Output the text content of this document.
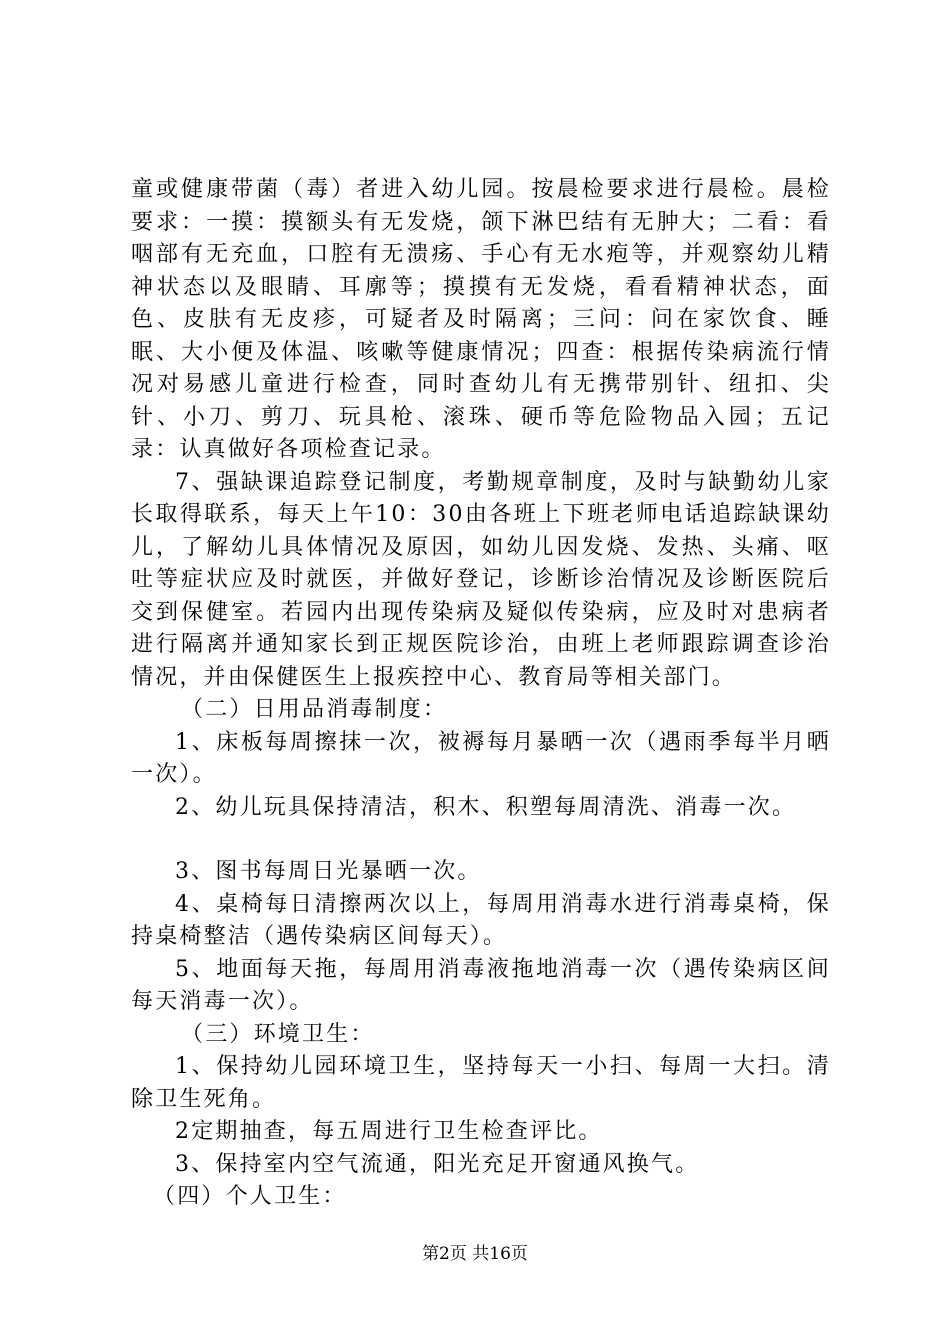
童或健康带菌（毒）者进入幼儿园。按晨检要求进行晨检。晨检要求：一摸：摸额头有无发烧，颌下淋巴结有无肿大；二看：看咽部有无充血，口腔有无溃疡、手心有无水疱等，并观察幼儿精神状态以及眼睛、耳廓等；摸摸有无发烧，看看精神状态，面色、皮肤有无皮疹，可疑者及时隔离；三问：问在家饮食、睡眠、大小便及体温、咳嗽等健康情况；四查：根据传染病流行情况对易感儿童进行检查，同时查幼儿有无携带别针、纽扣、尖针、小刀、剪刀、玩具枪、滚珠、硬币等危险物品入园；五记录：认真做好各项检查记录。

7、强缺课追踪登记制度，考勤规章制度，及时与缺勤幼儿家长取得联系，每天上午10：30由各班上下班老师电话追踪缺课幼儿，了解幼儿具体情况及原因，如幼儿因发烧、发热、头痛、呕吐等症状应及时就医，并做好登记，诊断诊治情况及诊断医院后交到保健室。若园内出现传染病及疑似传染病，应及时对患病者进行隔离并通知家长到正规医院诊治，由班上老师跟踪调查诊治情况，并由保健医生上报疾控中心、教育局等相关部门。

（二）日用品消毒制度：

1、床板每周擦抹一次，被褥每月暴晒一次（遇雨季每半月晒一次）。

2、幼儿玩具保持清洁，积木、积塑每周清洗、消毒一次。

3、图书每周日光暴晒一次。

4、桌椅每日清擦两次以上，每周用消毒水进行消毒桌椅，保持桌椅整洁（遇传染病区间每天）。

5、地面每天拖，每周用消毒液拖地消毒一次（遇传染病区间每天消毒一次）。

（三）环境卫生：

1、保持幼儿园环境卫生，坚持每天一小扫、每周一大扫。清除卫生死角。

2定期抽查，每五周进行卫生检查评比。

3、保持室内空气流通，阳光充足开窗通风换气。

（四）个人卫生：

第2页 共16页
